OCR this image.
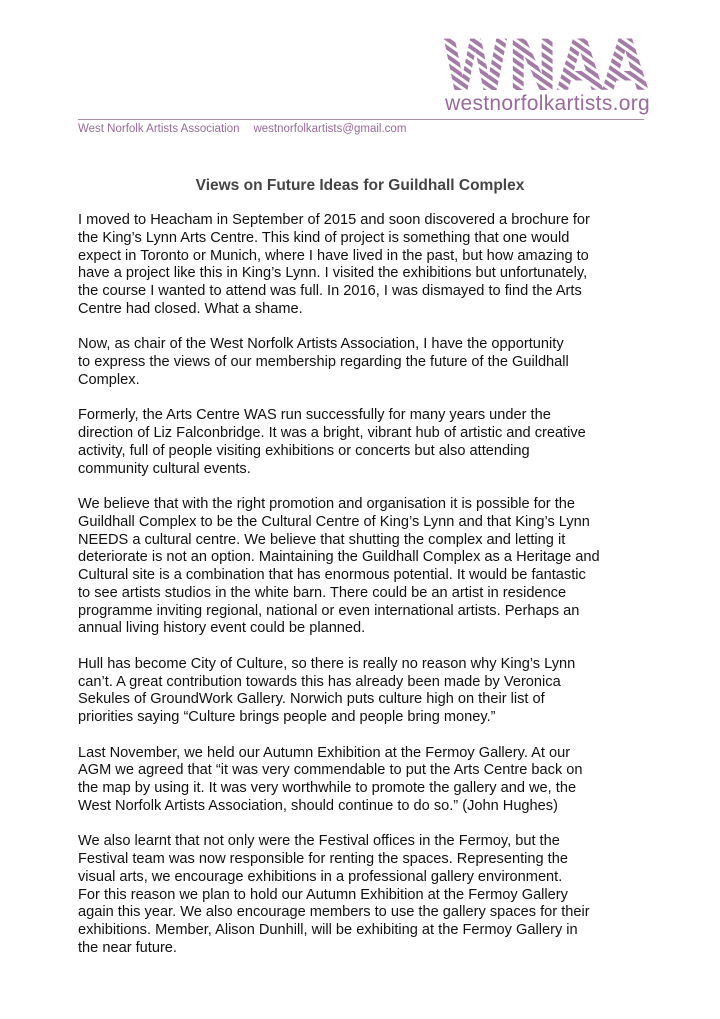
WNAA
westnorfolkartists.org
West Norfolk Artists Association westnorfolkartists@gmail.com
Views on Future Ideas for Guildhall Complex
I moved to Heacham in September of 2015 and soon discovered a brochure for
the King’s Lynn Arts Centre. This kind of project is something that one would
expect in Toronto or Munich, where I have lived in the past, but how amazing to
have a project like this in King’s Lynn. I visited the exhibitions but unfortunately,
the course I wanted to attend was full. In 2016, I was dismayed to find the Arts
Centre had closed. What a shame.
Now, as chair of the West Norfolk Artists Association, I have the opportunity
to express the views of our membership regarding the future of the Guildhall
Complex.
Formerly, the Arts Centre WAS run successfully for many years under the
direction of Liz Falconbridge. It was a bright, vibrant hub of artistic and creative
activity, full of people visiting exhibitions or concerts but also attending
community cultural events.
We believe that with the right promotion and organisation it is possible for the
Guildhall Complex to be the Cultural Centre of King’s Lynn and that King’s Lynn
NEEDS a cultural centre. We believe that shutting the complex and letting it
deteriorate is not an option. Maintaining the Guildhall Complex as a Heritage and
Cultural site is a combination that has enormous potential. It would be fantastic
to see artists studios in the white barn. There could be an artist in residence
programme inviting regional, national or even international artists. Perhaps an
annual living history event could be planned.
Hull has become City of Culture, so there is really no reason why King’s Lynn
can’t. A great contribution towards this has already been made by Veronica
Sekules of GroundWork Gallery. Norwich puts culture high on their list of
priorities saying “Culture brings people and people bring money.”
Last November, we held our Autumn Exhibition at the Fermoy Gallery. At our
AGM we agreed that “it was very commendable to put the Arts Centre back on
the map by using it. It was very worthwhile to promote the gallery and we, the
West Norfolk Artists Association, should continue to do so.” (John Hughes)
We also learnt that not only were the Festival offices in the Fermoy, but the
Festival team was now responsible for renting the spaces. Representing the
visual arts, we encourage exhibitions in a professional gallery environment.
For this reason we plan to hold our Autumn Exhibition at the Fermoy Gallery
again this year. We also encourage members to use the gallery spaces for their
exhibitions. Member, Alison Dunhill, will be exhibiting at the Fermoy Gallery in
the near future.
